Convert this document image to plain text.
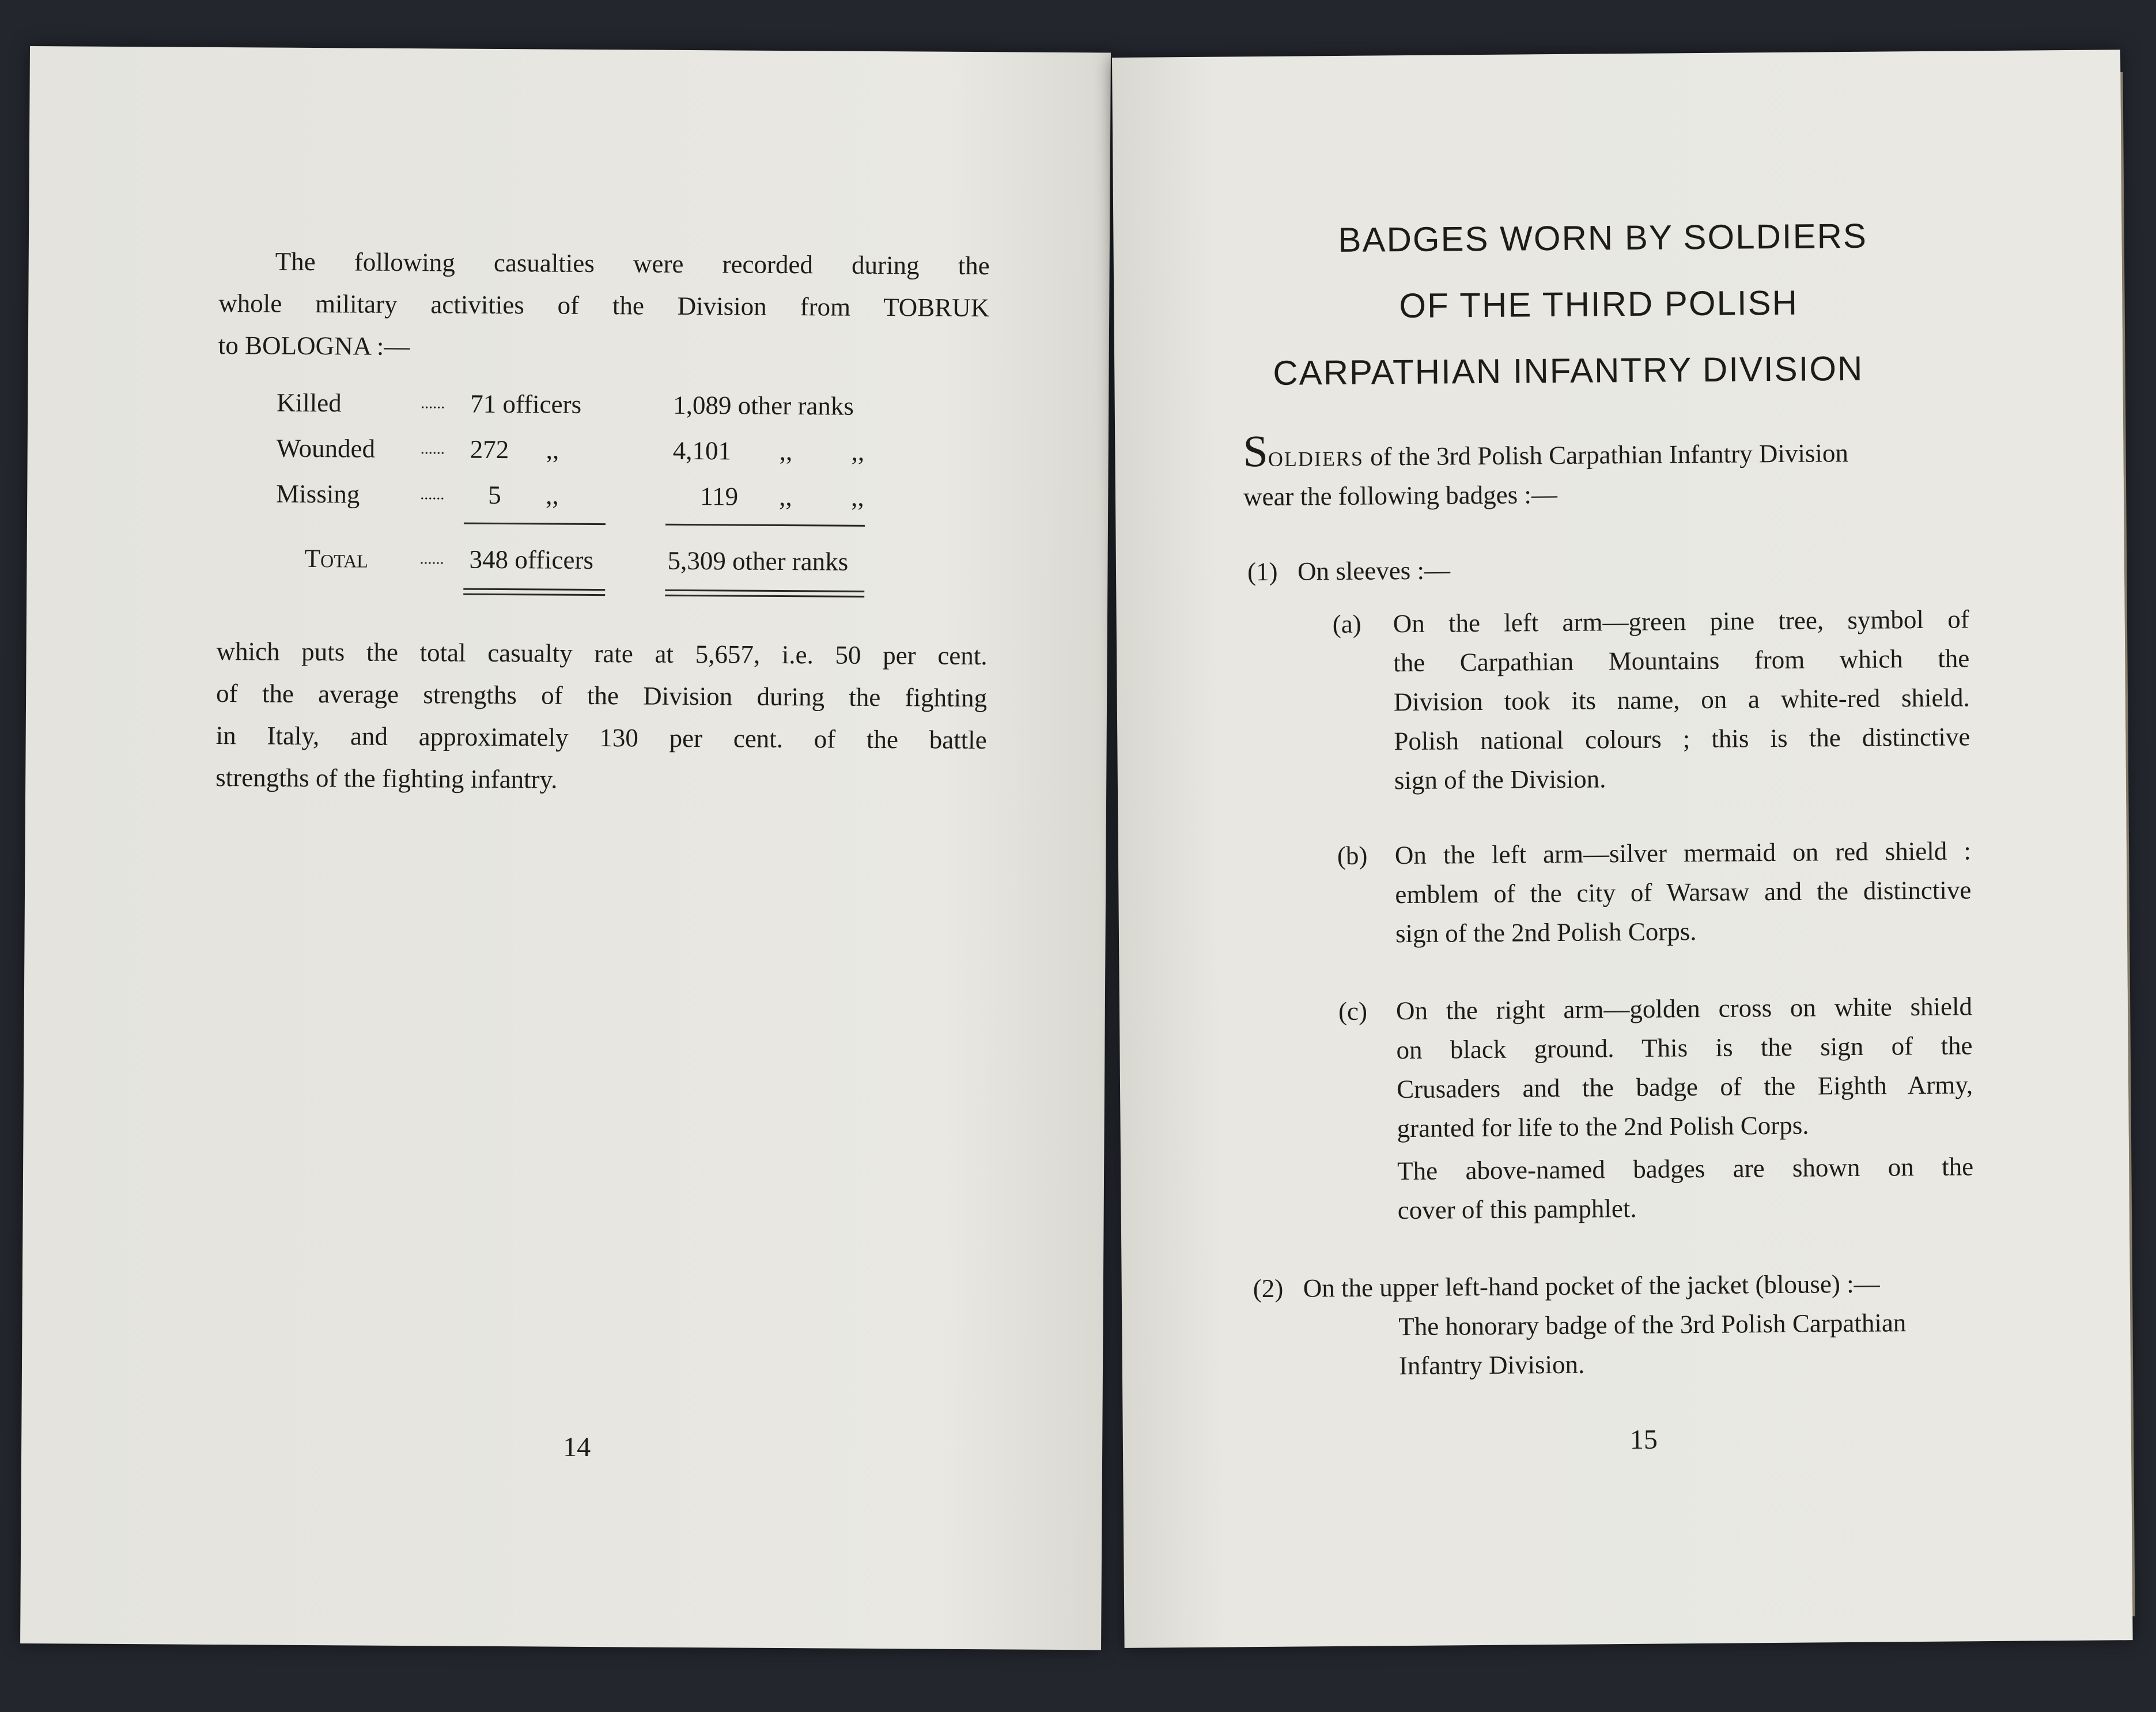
The following casualties were recorded during the
whole military activities of the Division from TOBRUK
to BOLOGNA :—
Killed	...... 71 officers	1,089 other ranks
Wounded	...... 272 ,,	4,101 ,, ,,
Missing	...... 5 ,,	119 ,, ,,
Total	...... 348 officers	5,309 other ranks
which puts the total casualty rate at 5,657, i.e. 50 per cent.
of the average strengths of the Division during the fighting
in Italy, and approximately 130 per cent. of the battle
strengths of the fighting infantry.
14
BADGES WORN BY SOLDIERS
OF THE THIRD POLISH
CARPATHIAN INFANTRY DIVISION
SOLDIERS of the 3rd Polish Carpathian Infantry Division
wear the following badges :—
(1) On sleeves :—
(a) On the left arm—green pine tree, symbol of
the Carpathian Mountains from which the
Division took its name, on a white-red shield.
Polish national colours ; this is the distinctive
sign of the Division.
(b) On the left arm—silver mermaid on red shield :
emblem of the city of Warsaw and the distinctive
sign of the 2nd Polish Corps.
(c) On the right arm—golden cross on white shield
on black ground. This is the sign of the
Crusaders and the badge of the Eighth Army,
granted for life to the 2nd Polish Corps.
The above-named badges are shown on the
cover of this pamphlet.
(2) On the upper left-hand pocket of the jacket (blouse) :—
The honorary badge of the 3rd Polish Carpathian
Infantry Division.
15
